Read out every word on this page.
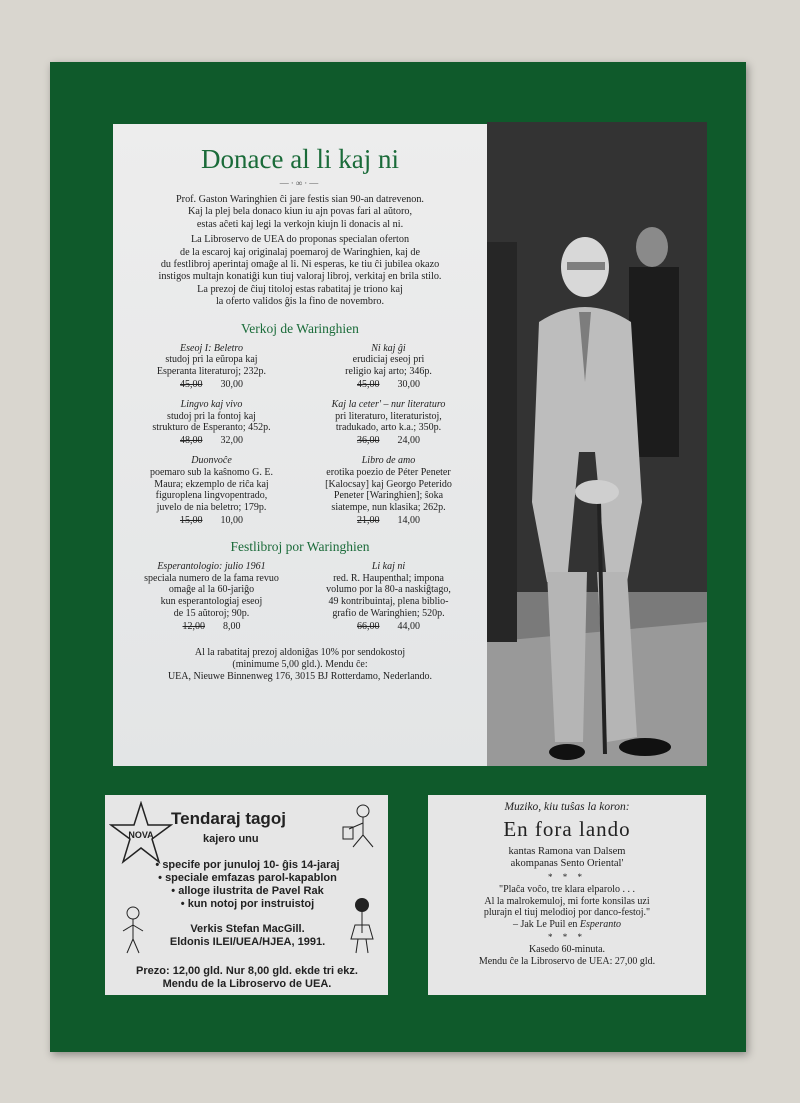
Donace al li kaj ni
—·∞·—

Prof. Gaston Waringhien ĉi jare festis sian 90-an datrevenon.
Kaj la plej bela donaco kiun iu ajn povas fari al aŭtoro,
estas aĉeti kaj legi la verkojn kiujn li donacis al ni.

La Libroservo de UEA do proponas specialan oferton
de la escaroj kaj originalaj poemaroj de Waringhien, kaj de
du festlibroj aperintaj omaĝe al li. Ni esperas, ke tiu ĉi jubilea okazo
instigos multajn konatiĝi kun tiuj valoraj libroj, verkitaj en brila stilo.
La prezoj de ĉiuj titoloj estas rabatitaj je triono kaj
la oferto validos ĝis la fino de novembro.

Verkoj de Waringhien
Eseoj I: Beletro
studoj pri la eŭropa kaj
Esperanta literaturoj; 232p.
45,00 30,00
Ni kaj ĝi
erudiciaj eseoj pri
religio kaj arto; 346p.
45,00 30,00
Lingvo kaj vivo
studoj pri la fontoj kaj
strukturo de Esperanto; 452p.
48,00 32,00
Kaj la ceter' – nur literaturo
pri literaturo, literaturistoj,
tradukado, arto k.a.; 350p.
36,00 24,00
Duonvoĉe
poemaro sub la kaŝnomo G. E.
Maura; ekzemplo de riĉa kaj
figuroplena lingvopentrado,
juvelo de nia beletro; 179p.
15,00 10,00
Libro de amo
erotika poezio de Péter Peneter
[Kalocsay] kaj Georgo Peterido
Peneter [Waringhien]; ŝoka
siatempe, nun klasika; 262p.
21,00 14,00
Festlibroj por Waringhien
Esperantologio: julio 1961
speciala numero de la fama revuo
omaĝe al la 60-jariĝo
kun esperantologiaj eseoj
de 15 aŭtoroj; 90p.
12,00 8,00
Li kaj ni
red. R. Haupenthal; impona
volumo por la 80-a naskiĝtago,
49 kontribuintaj, plena biblio-
grafio de Waringhien; 520p.
66,00 44,00
Al la rabatitaj prezoj aldoniĝas 10% por sendokostoj
(minimume 5,00 gld.). Mendu ĉe:
UEA, Nieuwe Binnenweg 176, 3015 BJ Rotterdamo, Nederlando.
NOVA
Tendaraj tagoj
kajero unu
• specife por junuloj 10- ĝis 14-jaraj
• speciale emfazas parol-kapablon
• alloge ilustrita de Pavel Rak
• kun notoj por instruistoj
Verkis Stefan MacGill.
Eldonis ILEI/UEA/HJEA, 1991.
Prezo: 12,00 gld. Nur 8,00 gld. ekde tri ekz.
Mendu de la Libroservo de UEA.
Muziko, kiu tuŝas la koron:
En fora lando
kantas Ramona van Dalsem
akompanas Sento Oriental'
* * *
"Plaĉa voĉo, tre klara elparolo . . .
Al la malrokemuloj, mi forte konsilas uzi
plurajn el tiuj melodioj por danco-festoj."
– Jak Le Puil en Esperanto
* * *
Kasedo 60-minuta.
Mendu ĉe la Libroservo de UEA: 27,00 gld.
